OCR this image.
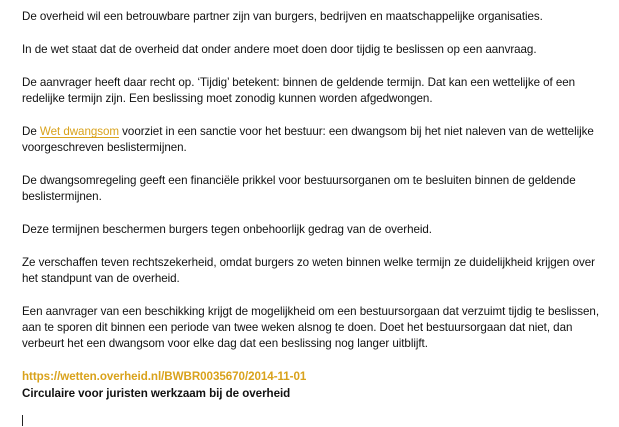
De overheid wil een betrouwbare partner zijn van burgers, bedrijven en maatschappelijke organisaties.

In de wet staat dat de overheid dat onder andere moet doen door tijdig te beslissen op een aanvraag.

De aanvrager heeft daar recht op. ‘Tijdig’ betekent: binnen de geldende termijn. Dat kan een wettelijke of een redelijke termijn zijn. Een beslissing moet zonodig kunnen worden afgedwongen.

De Wet dwangsom voorziet in een sanctie voor het bestuur: een dwangsom bij het niet naleven van de wettelijke voorgeschreven beslistermijnen.

De dwangsomregeling geeft een financiële prikkel voor bestuursorganen om te besluiten binnen de geldende beslistermijnen.

Deze termijnen beschermen burgers tegen onbehoorlijk gedrag van de overheid.

Ze verschaffen teven rechtszekerheid, omdat burgers zo weten binnen welke termijn ze duidelijkheid krijgen over het standpunt van de overheid.

Een aanvrager van een beschikking krijgt de mogelijkheid om een bestuursorgaan dat verzuimt tijdig te beslissen, aan te sporen dit binnen een periode van twee weken alsnog te doen. Doet het bestuursorgaan dat niet, dan verbeurt het een dwangsom voor elke dag dat een beslissing nog langer uitblijft.

https://wetten.overheid.nl/BWBR0035670/2014-11-01

Circulaire voor juristen werkzaam bij de overheid
